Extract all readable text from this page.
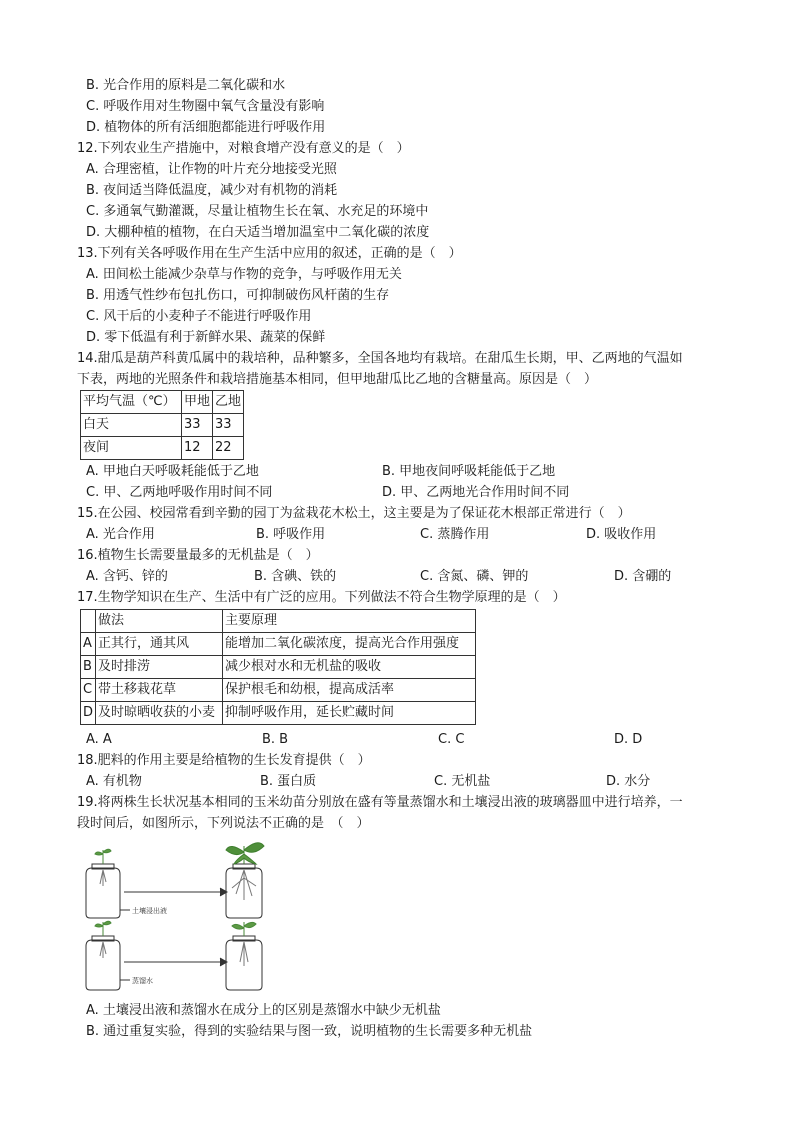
B. 光合作用的原料是二氧化碳和水
C. 呼吸作用对生物圈中氧气含量没有影响
D. 植物体的所有活细胞都能进行呼吸作用
12.下列农业生产措施中，对粮食增产没有意义的是（　）
A. 合理密植，让作物的叶片充分地接受光照
B. 夜间适当降低温度，减少对有机物的消耗
C. 多通氧气勤灌溉，尽量让植物生长在氧、水充足的环境中
D. 大棚种植的植物，在白天适当增加温室中二氧化碳的浓度
13.下列有关各呼吸作用在生产生活中应用的叙述，正确的是（　）
A. 田间松土能减少杂草与作物的竞争，与呼吸作用无关
B. 用透气性纱布包扎伤口，可抑制破伤风杆菌的生存
C. 风干后的小麦种子不能进行呼吸作用
D. 零下低温有利于新鲜水果、蔬菜的保鲜
14.甜瓜是葫芦科黄瓜属中的栽培种，品种繁多，全国各地均有栽培。在甜瓜生长期，甲、乙两地的气温如
下表，两地的光照条件和栽培措施基本相同，但甲地甜瓜比乙地的含糖量高。原因是（　）
平均气温（℃）	甲地	乙地
白天	33	33
夜间	12	22
A. 甲地白天呼吸耗能低于乙地	B. 甲地夜间呼吸耗能低于乙地
C. 甲、乙两地呼吸作用时间不同	D. 甲、乙两地光合作用时间不同
15.在公园、校园常看到辛勤的园丁为盆栽花木松土，这主要是为了保证花木根部正常进行（　）
A. 光合作用	B. 呼吸作用	C. 蒸腾作用	D. 吸收作用
16.植物生长需要量最多的无机盐是（　）
A. 含钙、锌的	B. 含碘、铁的	C. 含氮、磷、钾的	D. 含硼的
17.生物学知识在生产、生活中有广泛的应用。下列做法不符合生物学原理的是（　）
	做法	主要原理
A	正其行，通其风	能增加二氧化碳浓度，提高光合作用强度
B	及时排涝	减少根对水和无机盐的吸收
C	带土移栽花草	保护根毛和幼根，提高成活率
D	及时晾晒收获的小麦	抑制呼吸作用，延长贮藏时间
A. A	B. B	C. C	D. D
18.肥料的作用主要是给植物的生长发育提供（　）
A. 有机物	B. 蛋白质	C. 无机盐	D. 水分
19.将两株生长状况基本相同的玉米幼苗分别放在盛有等量蒸馏水和土壤浸出液的玻璃器皿中进行培养，一
段时间后，如图所示，下列说法不正确的是　（　）
土壤浸出液
蒸馏水
A. 土壤浸出液和蒸馏水在成分上的区别是蒸馏水中缺少无机盐
B. 通过重复实验，得到的实验结果与图一致，说明植物的生长需要多种无机盐
